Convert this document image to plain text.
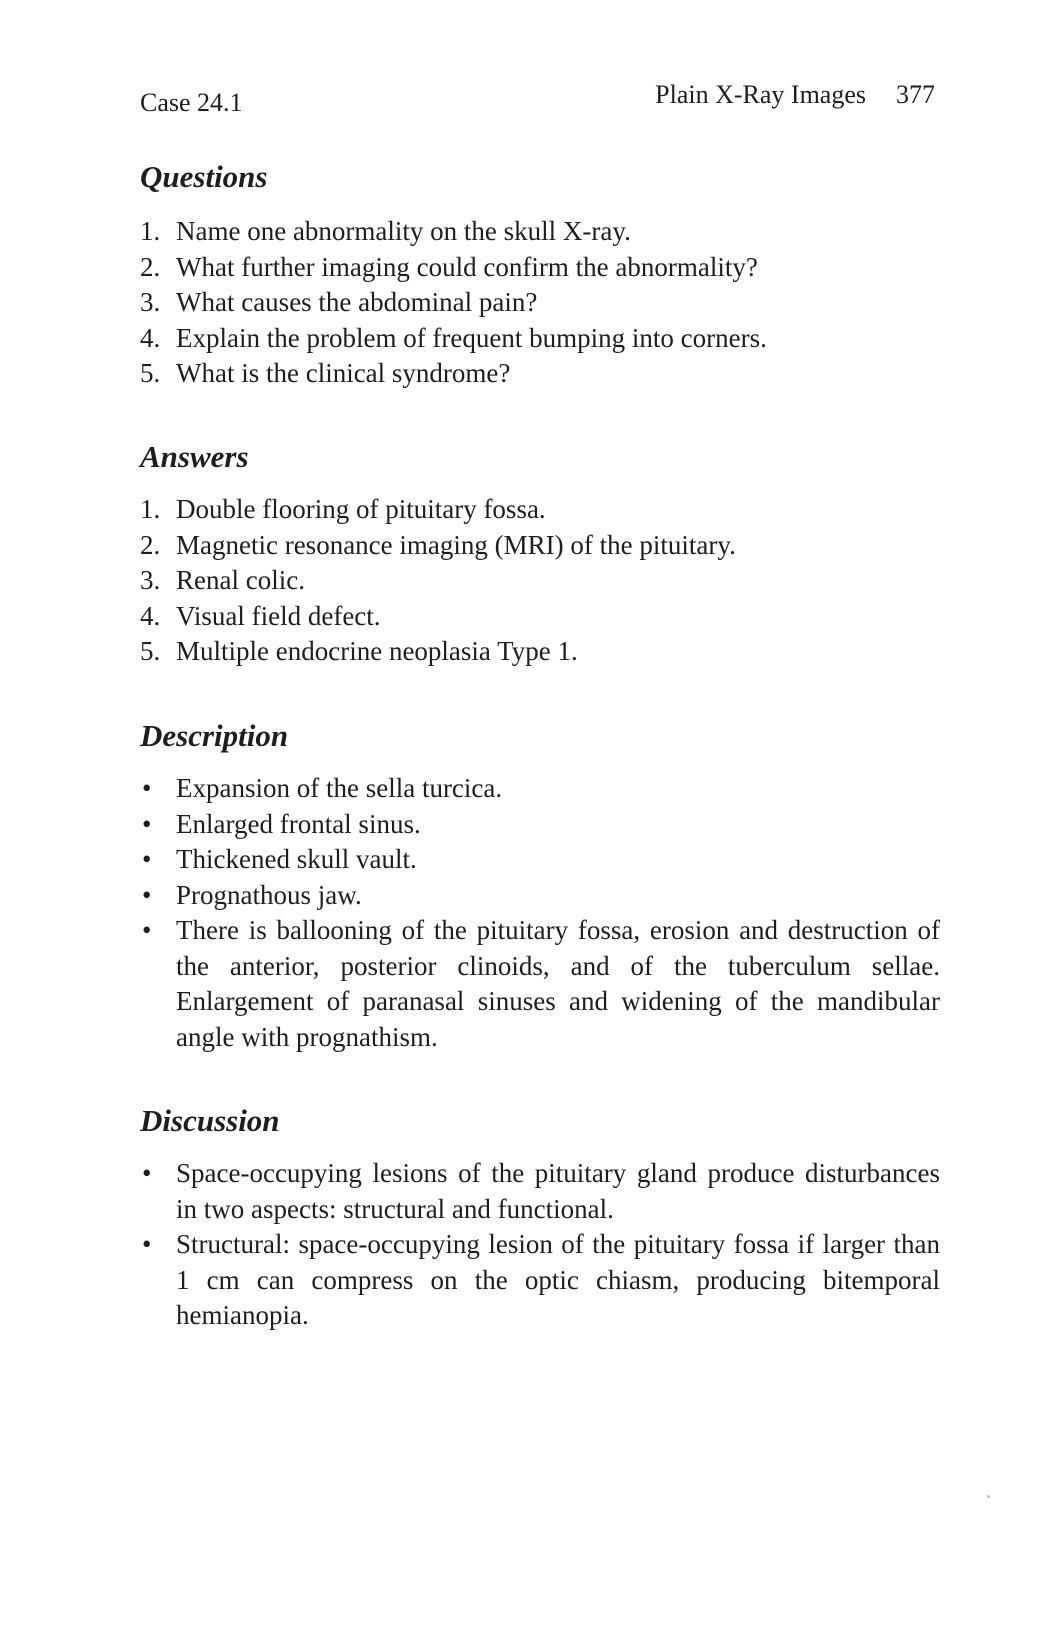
Case 24.1	Plain X-Ray Images 377
Questions
1. Name one abnormality on the skull X-ray.
2. What further imaging could confirm the abnormality?
3. What causes the abdominal pain?
4. Explain the problem of frequent bumping into corners.
5. What is the clinical syndrome?
Answers
1. Double flooring of pituitary fossa.
2. Magnetic resonance imaging (MRI) of the pituitary.
3. Renal colic.
4. Visual field defect.
5. Multiple endocrine neoplasia Type 1.
Description
• Expansion of the sella turcica.
• Enlarged frontal sinus.
• Thickened skull vault.
• Prognathous jaw.
• There is ballooning of the pituitary fossa, erosion and destruction of the anterior, posterior clinoids, and of the tuberculum sellae. Enlargement of paranasal sinuses and widening of the mandibular angle with prognathism.
Discussion
• Space-occupying lesions of the pituitary gland produce disturbances in two aspects: structural and functional.
• Structural: space-occupying lesion of the pituitary fossa if larger than 1 cm can compress on the optic chiasm, producing bitemporal hemianopia.
